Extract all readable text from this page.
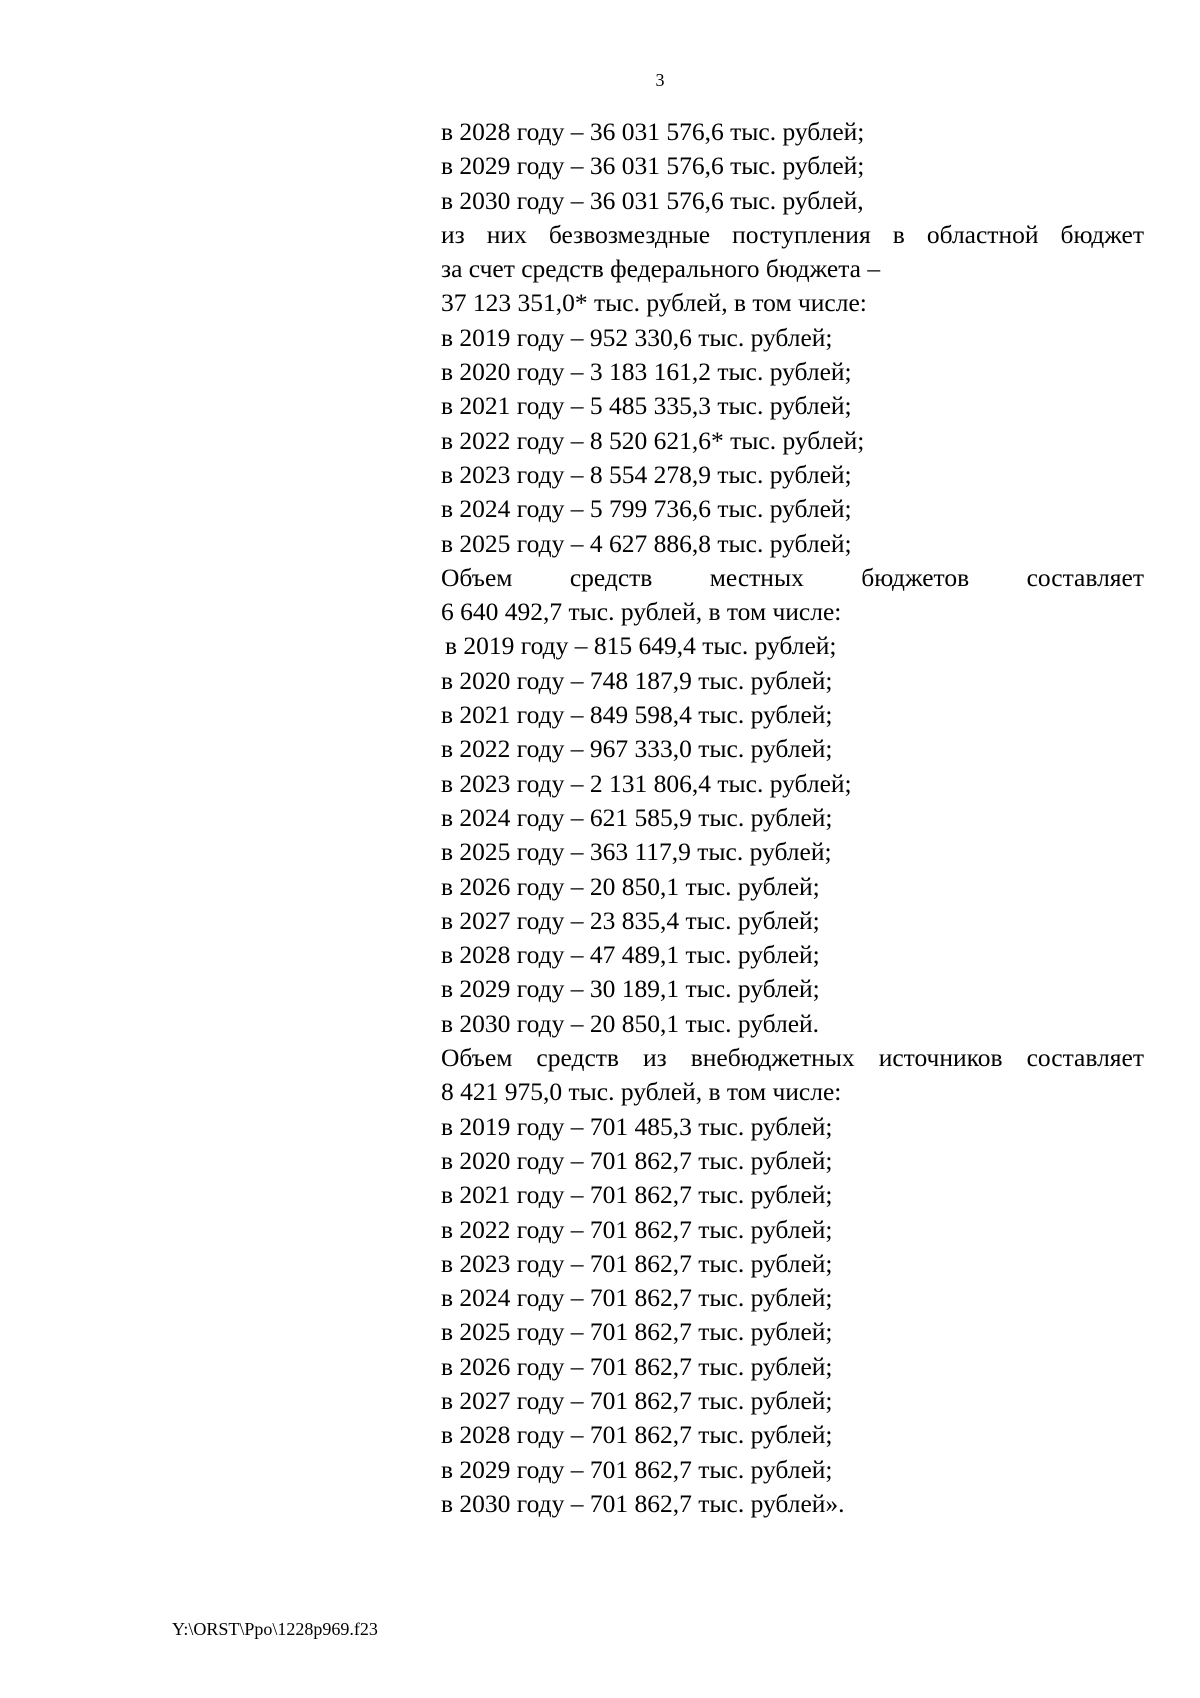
3
в 2028 году – 36 031 576,6 тыс. рублей;
в 2029 году – 36 031 576,6 тыс. рублей;
в 2030 году – 36 031 576,6 тыс. рублей,
из них безвозмездные поступления в областной бюджет
за счет средств федерального бюджета –
37 123 351,0* тыс. рублей, в том числе:
в 2019 году – 952 330,6 тыс. рублей;
в 2020 году – 3 183 161,2 тыс. рублей;
в 2021 году – 5 485 335,3 тыс. рублей;
в 2022 году – 8 520 621,6* тыс. рублей;
в 2023 году – 8 554 278,9 тыс. рублей;
в 2024 году – 5 799 736,6 тыс. рублей;
в 2025 году – 4 627 886,8 тыс. рублей;
Объем средств местных бюджетов составляет
6 640 492,7 тыс. рублей, в том числе:
в 2019 году – 815 649,4 тыс. рублей;
в 2020 году – 748 187,9 тыс. рублей;
в 2021 году – 849 598,4 тыс. рублей;
в 2022 году – 967 333,0 тыс. рублей;
в 2023 году – 2 131 806,4 тыс. рублей;
в 2024 году – 621 585,9 тыс. рублей;
в 2025 году – 363 117,9 тыс. рублей;
в 2026 году – 20 850,1 тыс. рублей;
в 2027 году – 23 835,4 тыс. рублей;
в 2028 году – 47 489,1 тыс. рублей;
в 2029 году – 30 189,1 тыс. рублей;
в 2030 году – 20 850,1 тыс. рублей.
Объем средств из внебюджетных источников составляет
8 421 975,0 тыс. рублей, в том числе:
в 2019 году – 701 485,3 тыс. рублей;
в 2020 году – 701 862,7 тыс. рублей;
в 2021 году – 701 862,7 тыс. рублей;
в 2022 году – 701 862,7 тыс. рублей;
в 2023 году – 701 862,7 тыс. рублей;
в 2024 году – 701 862,7 тыс. рублей;
в 2025 году – 701 862,7 тыс. рублей;
в 2026 году – 701 862,7 тыс. рублей;
в 2027 году – 701 862,7 тыс. рублей;
в 2028 году – 701 862,7 тыс. рублей;
в 2029 году – 701 862,7 тыс. рублей;
в 2030 году – 701 862,7 тыс. рублей».
Y:\ORST\Ppo\1228p969.f23
